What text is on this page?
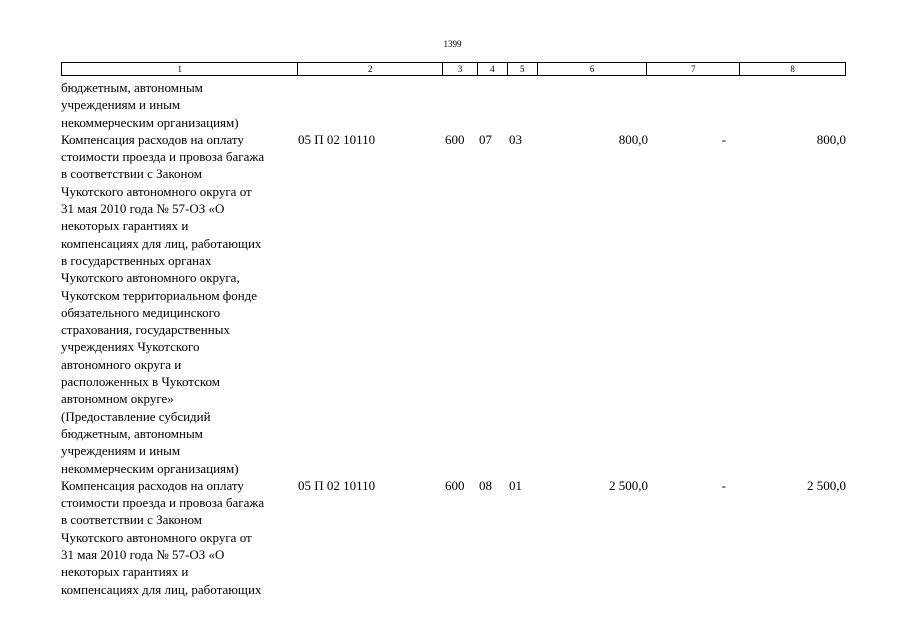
1399
1	2	3	4	5	6	7	8
бюджетным, автономным
учреждениям и иным
некоммерческим организациям)
Компенсация расходов на оплату
стоимости проезда и провоза багажа
в соответствии с Законом
Чукотского автономного округа от
31 мая 2010 года № 57-ОЗ «О
некоторых гарантиях и
компенсациях для лиц, работающих
в государственных органах
Чукотского автономного округа,
Чукотском территориальном фонде
обязательного медицинского
страхования, государственных
учреждениях Чукотского
автономного округа и
расположенных в Чукотском
автономном округе»
(Предоставление субсидий
бюджетным, автономным
учреждениям и иным
некоммерческим организациям)
05 П 02 10110	600	07	03	800,0	-	800,0
Компенсация расходов на оплату
стоимости проезда и провоза багажа
в соответствии с Законом
Чукотского автономного округа от
31 мая 2010 года № 57-ОЗ «О
некоторых гарантиях и
компенсациях для лиц, работающих
05 П 02 10110	600	08	01	2 500,0	-	2 500,0
